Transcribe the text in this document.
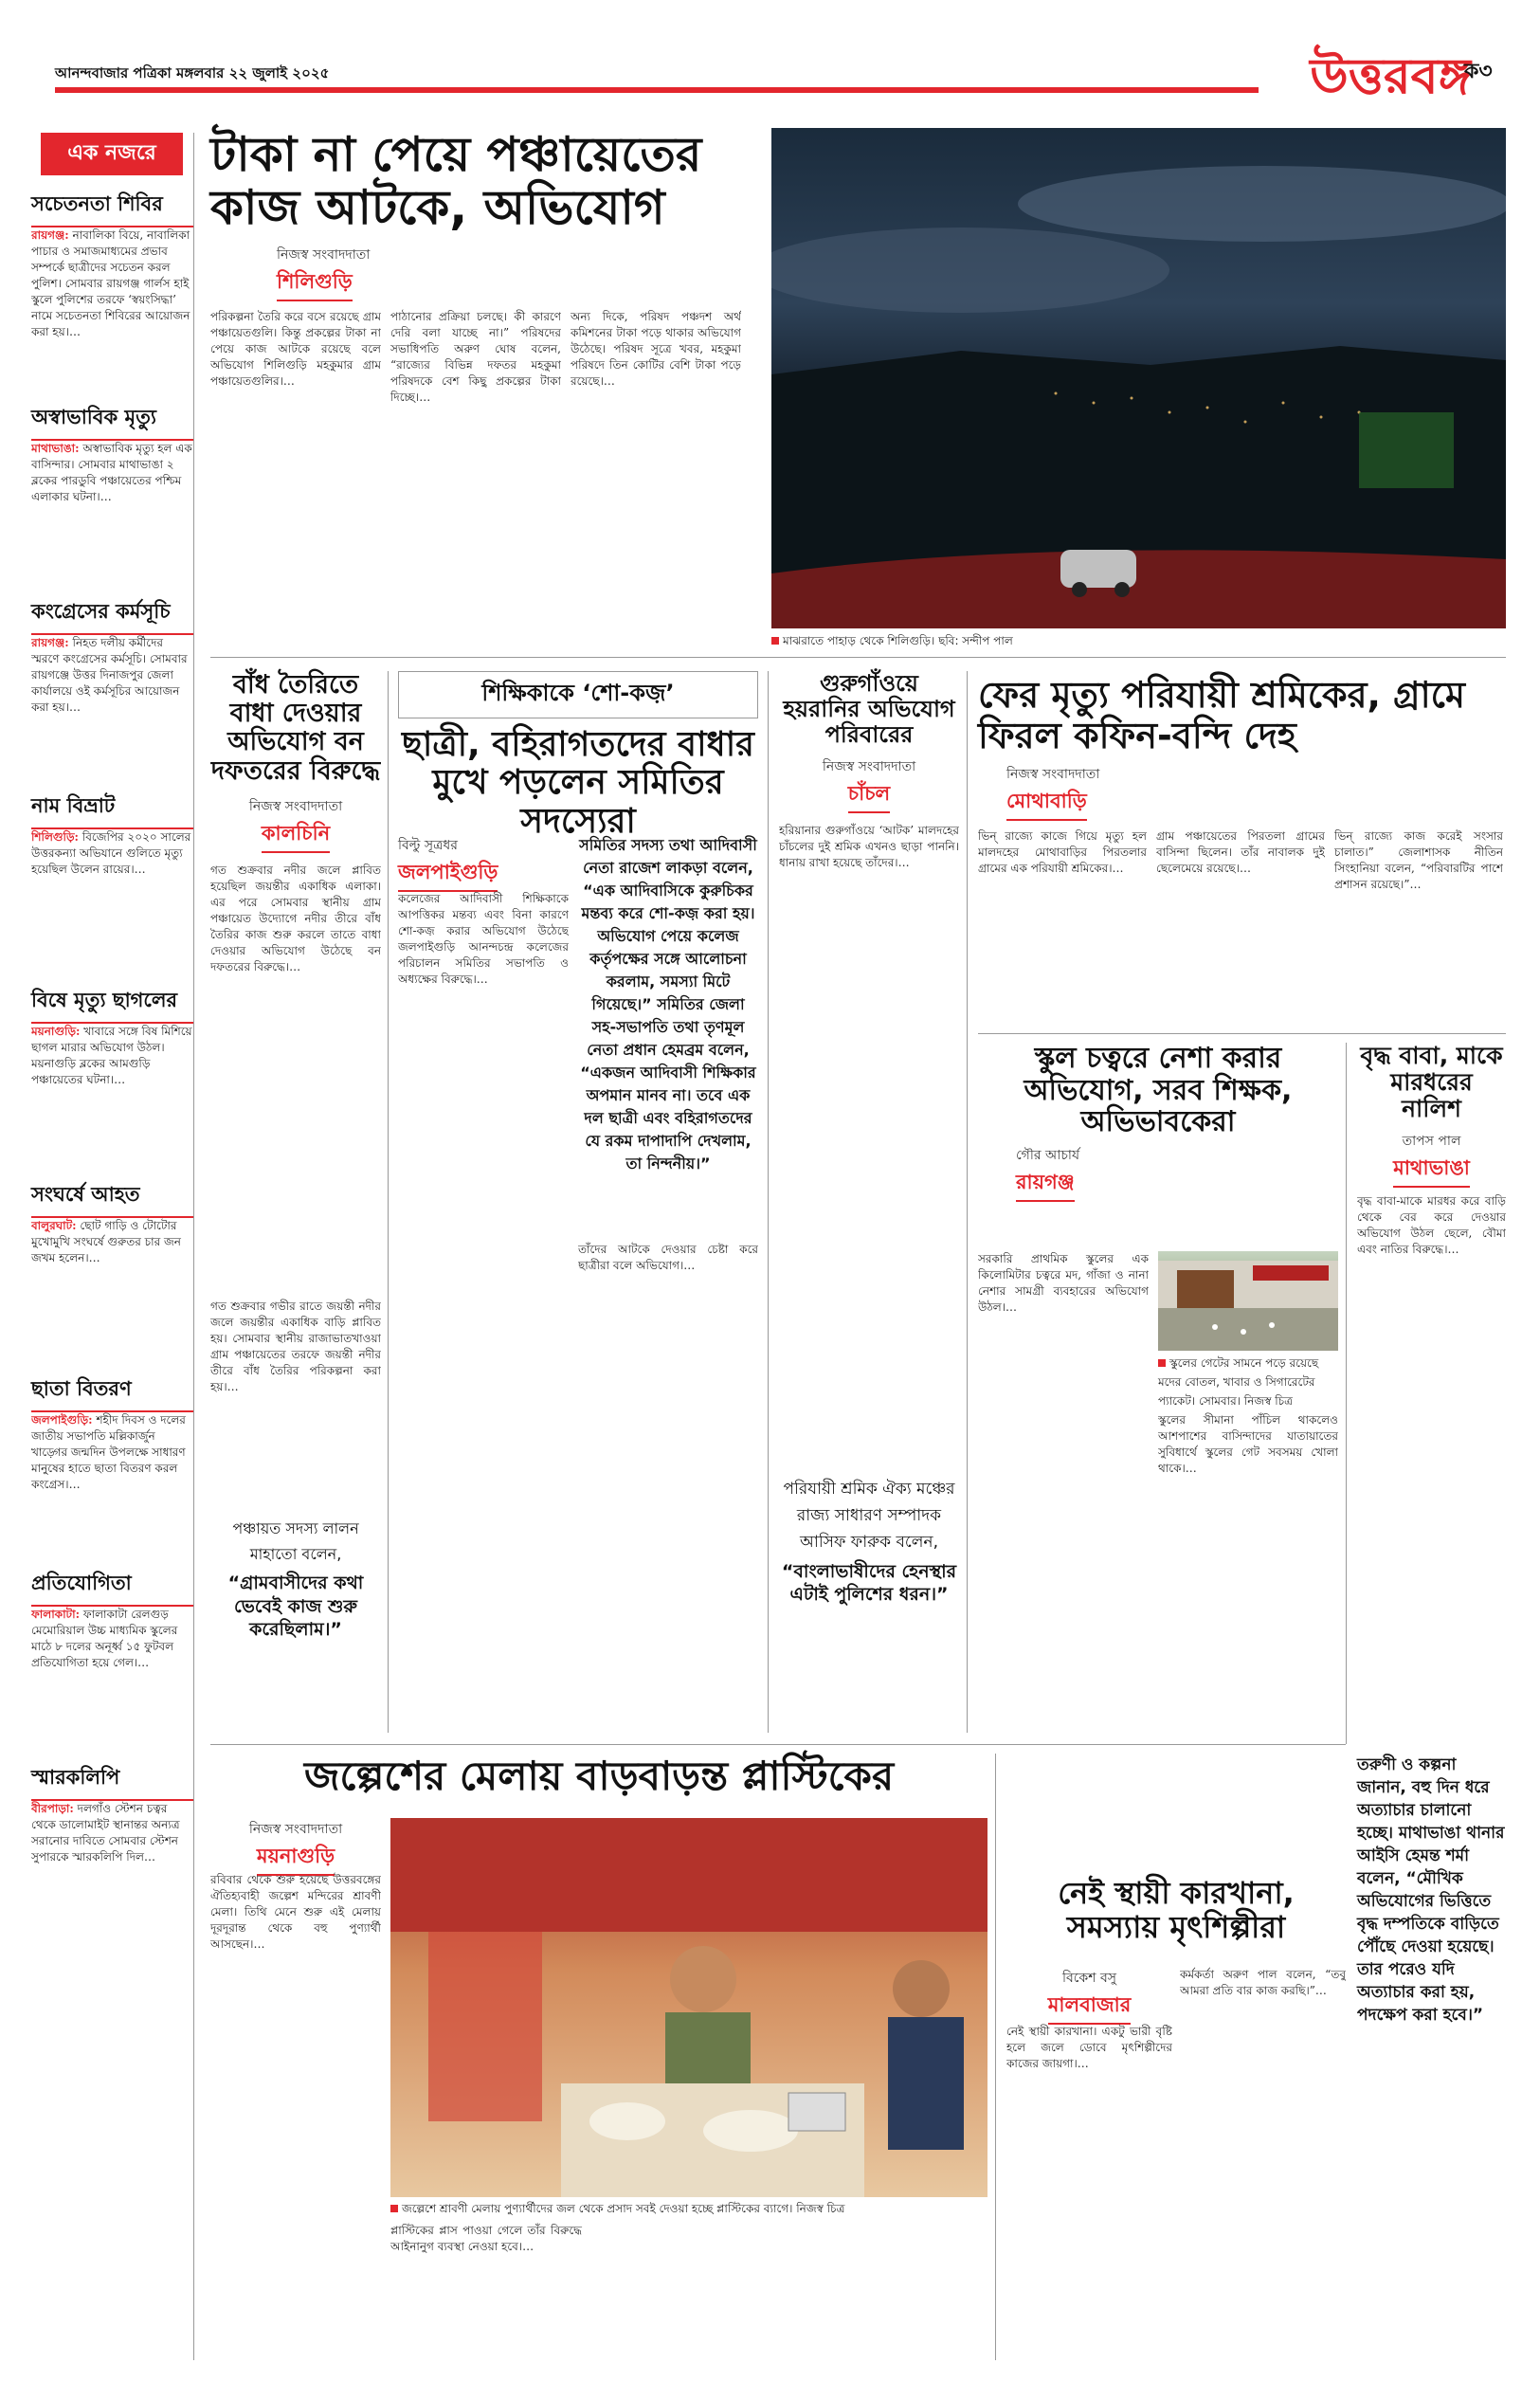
আনন্দবাজার পত্রিকা মঙ্গলবার ২২ জুলাই ২০২৫	উত্তরবঙ্গ
ক৩
এক নজরে
সচেতনতা শিবির
রায়গঞ্জ: নাবালিকা বিয়ে, নাবালিকা পাচার ও সমাজমাধ্যমের প্রভাব সম্পর্কে ছাত্রীদের সচেতন করল পুলিশ। সোমবার রায়গঞ্জ গার্লস হাই স্কুলে পুলিশের তরফে ‘স্বয়ংসিদ্ধা’ নামে সচেতনতা শিবিরের আয়োজন করা হয়।…
অস্বাভাবিক মৃত্যু
মাথাভাঙা: অস্বাভাবিক মৃত্যু হল এক বাসিন্দার। সোমবার মাথাভাঙা ২ ব্লকের পারডুবি পঞ্চায়েতের পশ্চিম এলাকার ঘটনা।…
কংগ্রেসের কর্মসূচি
রায়গঞ্জ: নিহত দলীয় কর্মীদের স্মরণে কংগ্রেসের কর্মসূচি। সোমবার রায়গঞ্জে উত্তর দিনাজপুর জেলা কার্যালয়ে ওই কর্মসূচির আয়োজন করা হয়।…
নাম বিভ্রাট
শিলিগুড়ি: বিজেপির ২০২০ সালের উত্তরকন্যা অভিযানে গুলিতে মৃত্যু হয়েছিল উলেন রায়ের।…
বিষে মৃত্যু ছাগলের
ময়নাগুড়ি: খাবারে সঙ্গে বিষ মিশিয়ে ছাগল মারার অভিযোগ উঠল। ময়নাগুড়ি ব্লকের আমগুড়ি পঞ্চায়েতের ঘটনা।…
সংঘর্ষে আহত
বালুরঘাট: ছোট গাড়ি ও টোটোর মুখোমুখি সংঘর্ষে গুরুতর চার জন জখম হলেন।…
ছাতা বিতরণ
জলপাইগুড়ি: শহীদ দিবস ও দলের জাতীয় সভাপতি মল্লিকার্জুন খাড়্গের জন্মদিন উপলক্ষে সাধারণ মানুষের হাতে ছাতা বিতরণ করল কংগ্রেস।…
প্রতিযোগিতা
ফালাকাটা: ফালাকাটা রেলগুড় মেমোরিয়াল উচ্চ মাধ্যমিক স্কুলের মাঠে ৮ দলের অনূর্ধ্ব ১৫ ফুটবল প্রতিযোগিতা হয়ে গেল।…
স্মারকলিপি
বীরপাড়া: দলগাঁও স্টেশন চত্বর থেকে ডালোমাইট স্থানান্তর অন্যত্র সরানোর দাবিতে সোমবার স্টেশন সুপারকে স্মারকলিপি দিল…
টাকা না পেয়ে পঞ্চায়েতের কাজ আটকে, অভিযোগ
নিজস্ব সংবাদদাতা
শিলিগুড়ি
পরিকল্পনা তৈরি করে বসে রয়েছে গ্রাম পঞ্চায়েতগুলি। কিন্তু প্রকল্পের টাকা না পেয়ে কাজ আটকে রয়েছে বলে অভিযোগ শিলিগুড়ি মহকুমার গ্রাম পঞ্চায়েতগুলির।…
পাঠানোর প্রক্রিয়া চলছে। কী কারণে দেরি বলা যাচ্ছে না।” পরিষদের সভাধিপতি অরুণ ঘোষ বলেন, “রাজ্যের বিভিন্ন দফতর মহকুমা পরিষদকে বেশ কিছু প্রকল্পের টাকা দিচ্ছে।…
অন্য দিকে, পরিষদ পঞ্চদশ অর্থ কমিশনের টাকা পড়ে থাকার অভিযোগ উঠেছে। পরিষদ সূত্রে খবর, মহকুমা পরিষদে তিন কোটির বেশি টাকা পড়ে রয়েছে।…
মাঝরাতে পাহাড় থেকে শিলিগুড়ি। ছবি: সন্দীপ পাল
বাঁধ তৈরিতে বাধা দেওয়ার অভিযোগ বন দফতরের বিরুদ্ধে
নিজস্ব সংবাদদাতা
কালচিনি
গত শুক্রবার নদীর জলে প্লাবিত হয়েছিল জয়ন্তীর একাধিক এলাকা। এর পরে সোমবার স্থানীয় গ্রাম পঞ্চায়েত উদ্যোগে নদীর তীরে বাঁধ তৈরির কাজ শুরু করলে তাতে বাধা দেওয়ার অভিযোগ উঠেছে বন দফতরের বিরুদ্ধে।…
শিক্ষিকাকে ‘শো-কজ়’
ছাত্রী, বহিরাগতদের বাধার মুখে পড়লেন সমিতির সদস্যেরা
বিল্টু সূত্রধর
জলপাইগুড়ি
কলেজের আদিবাসী শিক্ষিকাকে আপত্তিকর মন্তব্য এবং বিনা কারণে শো-কজ় করার অভিযোগ উঠেছে জলপাইগুড়ি আনন্দচন্দ্র কলেজের পরিচালন সমিতির সভাপতি ও অধ্যক্ষের বিরুদ্ধে।…
সমিতির সদস্য তথা আদিবাসী নেতা রাজেশ লাকড়া বলেন, “এক আদিবাসিকে কুরুচিকর মন্তব্য করে শো-কজ় করা হয়। অভিযোগ পেয়ে কলেজ কর্তৃপক্ষের সঙ্গে আলোচনা করলাম, সমস্যা মিটে গিয়েছে।” সমিতির জেলা সহ-সভাপতি তথা তৃণমূল নেতা প্রধান হেমব্রম বলেন, “একজন আদিবাসী শিক্ষিকার অপমান মানব না। তবে এক দল ছাত্রী এবং বহিরাগতদের যে রকম দাপাদাপি দেখলাম, তা নিন্দনীয়।”
তাঁদের আটকে দেওয়ার চেষ্টা করে ছাত্রীরা বলে অভিযোগ।…
গুরুগাঁওয়ে হয়রানির অভিযোগ পরিবারের
নিজস্ব সংবাদদাতা
চাঁচল
হরিয়ানার গুরুগাঁওয়ে ‘আটক’ মালদহের চাঁচলের দুই শ্রমিক এখনও ছাড়া পাননি। ধানায় রাখা হয়েছে তাঁদের।…
পরিযায়ী শ্রমিক ঐক্য মঞ্চের রাজ্য সাধারণ সম্পাদক আসিফ ফারুক বলেন,
“বাংলাভাষীদের হেনস্থার এটাই পুলিশের ধরন।”
ফের মৃত্যু পরিযায়ী শ্রমিকের, গ্রামে ফিরল কফিন-বন্দি দেহ
নিজস্ব সংবাদদাতা
মোথাবাড়ি
ভিন্ রাজ্যে কাজে গিয়ে মৃত্যু হল মালদহের মোথাবাড়ির পিরতলার গ্রামের এক পরিযায়ী শ্রমিকের।…
গ্রাম পঞ্চায়েতের পিরতলা গ্রামের বাসিন্দা ছিলেন। তাঁর নাবালক দুই ছেলেমেয়ে রয়েছে।…
ভিন্ রাজ্যে কাজ করেই সংসার চালাত।” জেলাশাসক নীতিন সিংহানিয়া বলেন, “পরিবারটির পাশে প্রশাসন রয়েছে।”…
স্কুল চত্বরে নেশা করার অভিযোগ, সরব শিক্ষক, অভিভাবকেরা
গৌর আচার্য
রায়গঞ্জ
সরকারি প্রাথমিক স্কুলের এক কিলোমিটার চত্বরে মদ, গাঁজা ও নানা নেশার সামগ্রী ব্যবহারের অভিযোগ উঠল।…
স্কুলের গেটের সামনে পড়ে রয়েছে মদের বোতল, খাবার ও সিগারেটের প্যাকেট। সোমবার। নিজস্ব চিত্র
স্কুলের সীমানা পাঁচিল থাকলেও আশপাশের বাসিন্দাদের যাতায়াতের সুবিধার্থে স্কুলের গেট সবসময় খোলা থাকে।…
বৃদ্ধ বাবা, মাকে মারধরের নালিশ
তাপস পাল
মাথাভাঙা
বৃদ্ধ বাবা-মাকে মারধর করে বাড়ি থেকে বের করে দেওয়ার অভিযোগ উঠল ছেলে, বৌমা এবং নাতির বিরুদ্ধে।…
তরুণী ও কল্পনা জানান, বহু দিন ধরে অত্যাচার চালানো হচ্ছে। মাথাভাঙা থানার আইসি হেমন্ত শর্মা বলেন, “মৌখিক অভিযোগের ভিত্তিতে বৃদ্ধ দম্পতিকে বাড়িতে পৌঁছে দেওয়া হয়েছে। তার পরেও যদি অত্যাচার করা হয়, পদক্ষেপ করা হবে।”
পঞ্চায়ত সদস্য লালন মাহাতো বলেন,
“গ্রামবাসীদের কথা ভেবেই কাজ শুরু করেছিলাম।”
জল্পেশের মেলায় বাড়বাড়ন্ত প্লাস্টিকের
নিজস্ব সংবাদদাতা
ময়নাগুড়ি
রবিবার থেকে শুরু হয়েছে উত্তরবঙ্গের ঐতিহ্যবাহী জল্পেশ মন্দিরের শ্রাবণী মেলা। তিথি মেনে শুরু এই মেলায় দূরদূরান্ত থেকে বহু পুণ্যার্থী আসছেন।…
জল্পেশে শ্রাবণী মেলায় পুণ্যার্থীদের জল থেকে প্রসাদ সবই দেওয়া হচ্ছে প্লাস্টিকের ব্যাগে। নিজস্ব চিত্র
প্লাস্টিকের প্লাস পাওয়া গেলে তাঁর বিরুদ্ধে আইনানুগ ব্যবস্থা নেওয়া হবে।…
নেই স্থায়ী কারখানা, সমস্যায় মৃৎশিল্পীরা
বিকেশ বসু
মালবাজার
নেই স্থায়ী কারখানা। একটু ভারী বৃষ্টি হলে জলে ডোবে মৃৎশিল্পীদের কাজের জায়গা।…
কর্মকর্তা অরুণ পাল বলেন, “তবু আমরা প্রতি বার কাজ করছি।”…
গত শুক্রবার গভীর রাতে জয়ন্তী নদীর জলে জয়ন্তীর একাধিক বাড়ি প্লাবিত হয়। সোমবার স্থানীয় রাজাভাতখাওয়া গ্রাম পঞ্চায়েতের তরফে জয়ন্তী নদীর তীরে বাঁধ তৈরির পরিকল্পনা করা হয়।…
